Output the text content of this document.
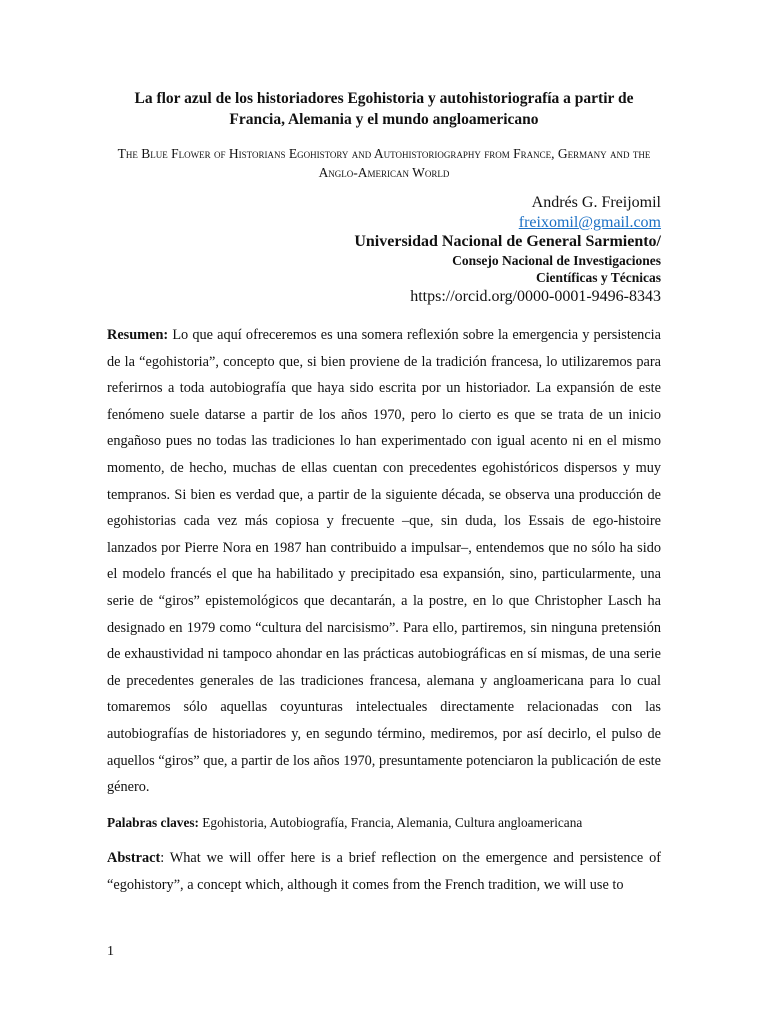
La flor azul de los historiadores Egohistoria y autohistoriografía a partir de Francia, Alemania y el mundo angloamericano
The Blue Flower of Historians Egohistory and Autohistoriography from France, Germany and the Anglo-American World
Andrés G. Freijomil
freixomil@gmail.com
Universidad Nacional de General Sarmiento/
Consejo Nacional de Investigaciones
Científicas y Técnicas
https://orcid.org/0000-0001-9496-8343

Resumen: Lo que aquí ofreceremos es una somera reflexión sobre la emergencia y persistencia de la “egohistoria”, concepto que, si bien proviene de la tradición francesa, lo utilizaremos para referirnos a toda autobiografía que haya sido escrita por un historiador. La expansión de este fenómeno suele datarse a partir de los años 1970, pero lo cierto es que se trata de un inicio engañoso pues no todas las tradiciones lo han experimentado con igual acento ni en el mismo momento, de hecho, muchas de ellas cuentan con precedentes egohistóricos dispersos y muy tempranos. Si bien es verdad que, a partir de la siguiente década, se observa una producción de egohistorias cada vez más copiosa y frecuente –que, sin duda, los Essais de ego-histoire lanzados por Pierre Nora en 1987 han contribuido a impulsar–, entendemos que no sólo ha sido el modelo francés el que ha habilitado y precipitado esa expansión, sino, particularmente, una serie de “giros” epistemológicos que decantarán, a la postre, en lo que Christopher Lasch ha designado en 1979 como “cultura del narcisismo”. Para ello, partiremos, sin ninguna pretensión de exhaustividad ni tampoco ahondar en las prácticas autobiográficas en sí mismas, de una serie de precedentes generales de las tradiciones francesa, alemana y angloamericana para lo cual tomaremos sólo aquellas coyunturas intelectuales directamente relacionadas con las autobiografías de historiadores y, en segundo término, mediremos, por así decirlo, el pulso de aquellos “giros” que, a partir de los años 1970, presuntamente potenciaron la publicación de este género.

Palabras claves: Egohistoria, Autobiografía, Francia, Alemania, Cultura angloamericana

Abstract: What we will offer here is a brief reflection on the emergence and persistence of “egohistory”, a concept which, although it comes from the French tradition, we will use to

1
